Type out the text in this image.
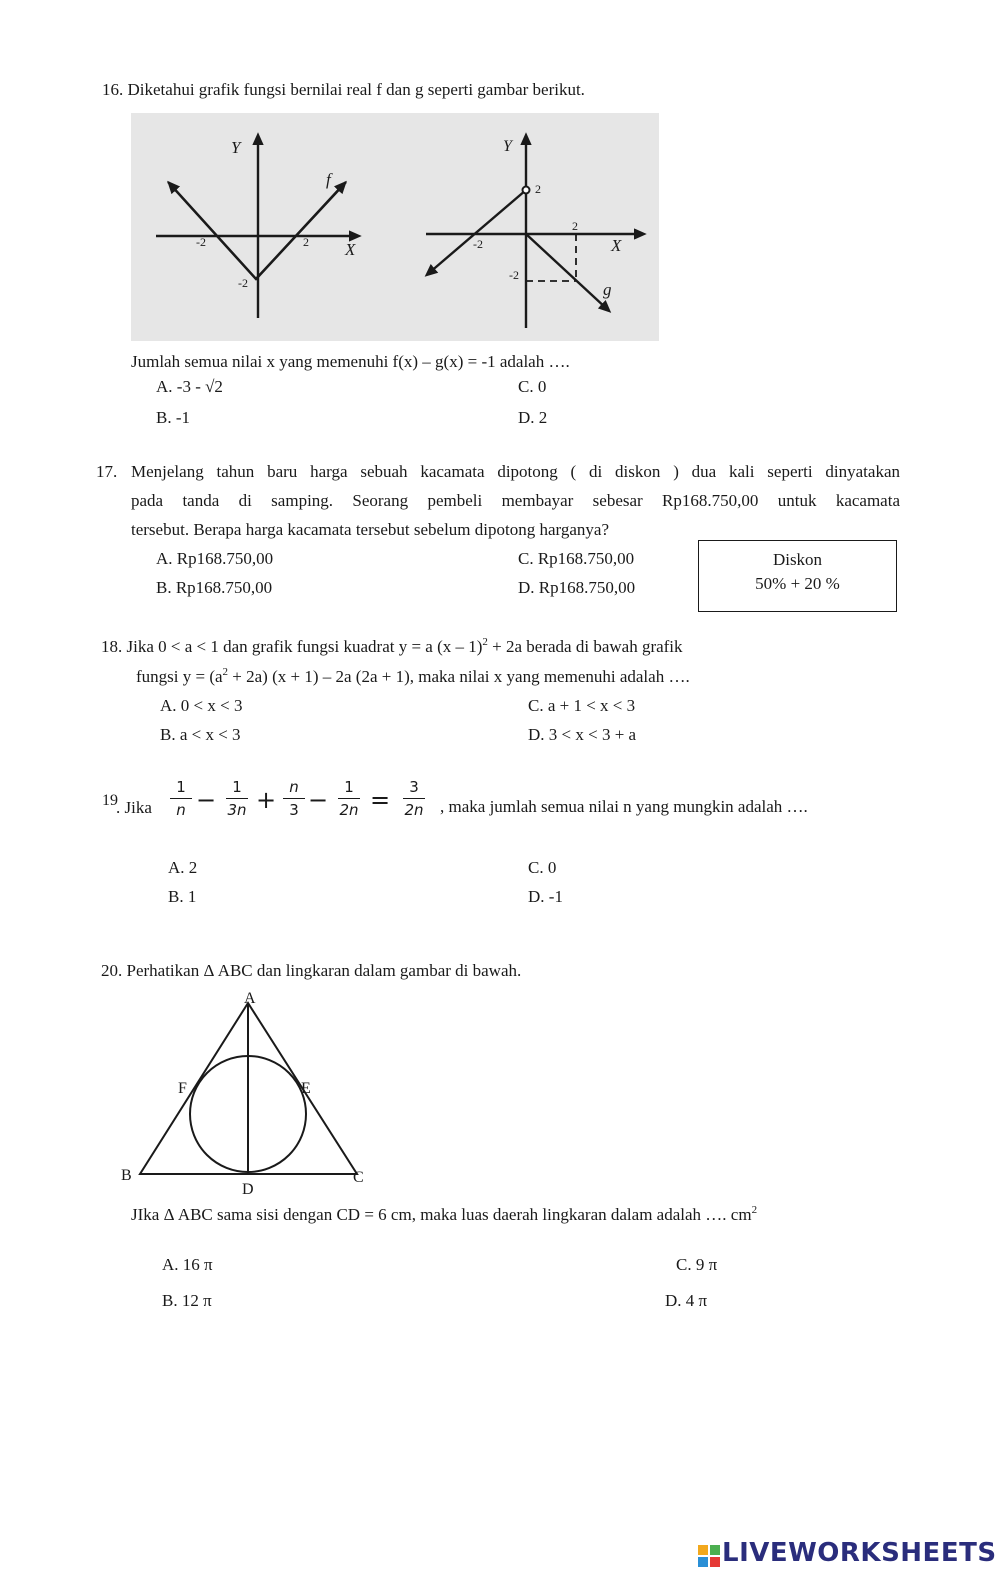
16. Diketahui grafik fungsi bernilai real f dan g seperti gambar berikut.
Y
X
f
-2	2
-2
Y
X
g
2
-2
2
-2
Jumlah semua nilai x yang memenuhi f(x) – g(x) = -1 adalah ….
A. -3 - √2	C. 0
B. -1	D. 2
17. Menjelang tahun baru harga sebuah kacamata dipotong ( di diskon ) dua kali seperti dinyatakan
pada tanda di samping. Seorang pembeli membayar sebesar Rp168.750,00 untuk kacamata
tersebut. Berapa harga kacamata tersebut sebelum dipotong harganya?
A. Rp168.750,00	C. Rp168.750,00
B. Rp168.750,00	D. Rp168.750,00
Diskon
50% + 20 %
18. Jika 0 < a < 1 dan grafik fungsi kuadrat y = a (x – 1)$^2$ + 2a berada di bawah grafik
fungsi $y = (a^2 + 2a) (x + 1) - 2a$ (2a + 1), maka nilai x yang memenuhi adalah ….
A. 0 < x < 3	C. a + 1 < x < 3
B. a < x < 3	D. 3 < x < 3 + a
19
. Jika
1
n −	1
3n + n
3 −	1
2n =	3
2n , maka jumlah semua nilai n yang mungkin adalah ….
A. 2	C. 0
B. 1	D. -1
20. Perhatikan Δ ABC dan lingkaran dalam gambar di bawah.
A
B	C
D
E
F
JIka Δ ABC sama sisi dengan CD = 6 cm, maka luas daerah lingkaran dalam adalah …. $cm^2$
A. 16 π	C. 9 π
B. 12 π	D. 4 π
LIVEWORKSHEETS
